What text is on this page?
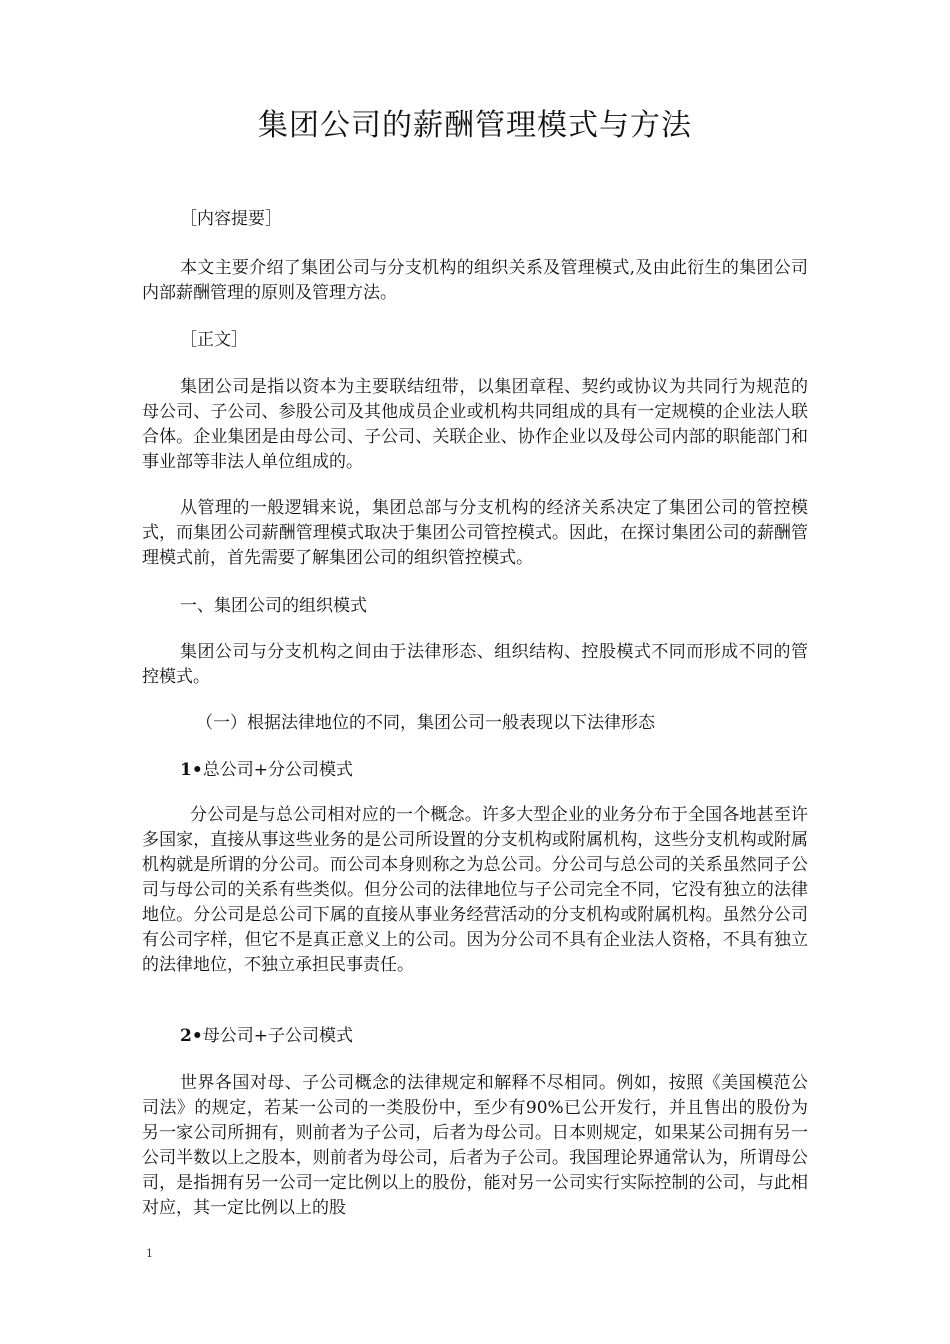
集团公司的薪酬管理模式与方法

［内容提要］

本文主要介绍了集团公司与分支机构的组织关系及管理模式,及由此衍生的集团公司内部薪酬管理的原则及管理方法。

［正文］

集团公司是指以资本为主要联结纽带，以集团章程、契约或协议为共同行为规范的母公司、子公司、参股公司及其他成员企业或机构共同组成的具有一定规模的企业法人联合体。企业集团是由母公司、子公司、关联企业、协作企业以及母公司内部的职能部门和事业部等非法人单位组成的。

从管理的一般逻辑来说，集团总部与分支机构的经济关系决定了集团公司的管控模式，而集团公司薪酬管理模式取决于集团公司管控模式。因此，在探讨集团公司的薪酬管理模式前，首先需要了解集团公司的组织管控模式。

一、集团公司的组织模式

集团公司与分支机构之间由于法律形态、组织结构、控股模式不同而形成不同的管控模式。

（一）根据法律地位的不同，集团公司一般表现以下法律形态

1•总公司+分公司模式

分公司是与总公司相对应的一个概念。许多大型企业的业务分布于全国各地甚至许多国家，直接从事这些业务的是公司所设置的分支机构或附属机构，这些分支机构或附属机构就是所谓的分公司。而公司本身则称之为总公司。分公司与总公司的关系虽然同子公司与母公司的关系有些类似。但分公司的法律地位与子公司完全不同，它没有独立的法律地位。分公司是总公司下属的直接从事业务经营活动的分支机构或附属机构。虽然分公司有公司字样，但它不是真正意义上的公司。因为分公司不具有企业法人资格，不具有独立的法律地位，不独立承担民事责任。

2•母公司+子公司模式

世界各国对母、子公司概念的法律规定和解释不尽相同。例如，按照《美国模范公司法》的规定，若某一公司的一类股份中，至少有90%已公开发行，并且售出的股份为另一家公司所拥有，则前者为子公司，后者为母公司。日本则规定，如果某公司拥有另一公司半数以上之股本，则前者为母公司，后者为子公司。我国理论界通常认为，所谓母公司，是指拥有另一公司一定比例以上的股份，能对另一公司实行实际控制的公司，与此相对应，其一定比例以上的股

1
